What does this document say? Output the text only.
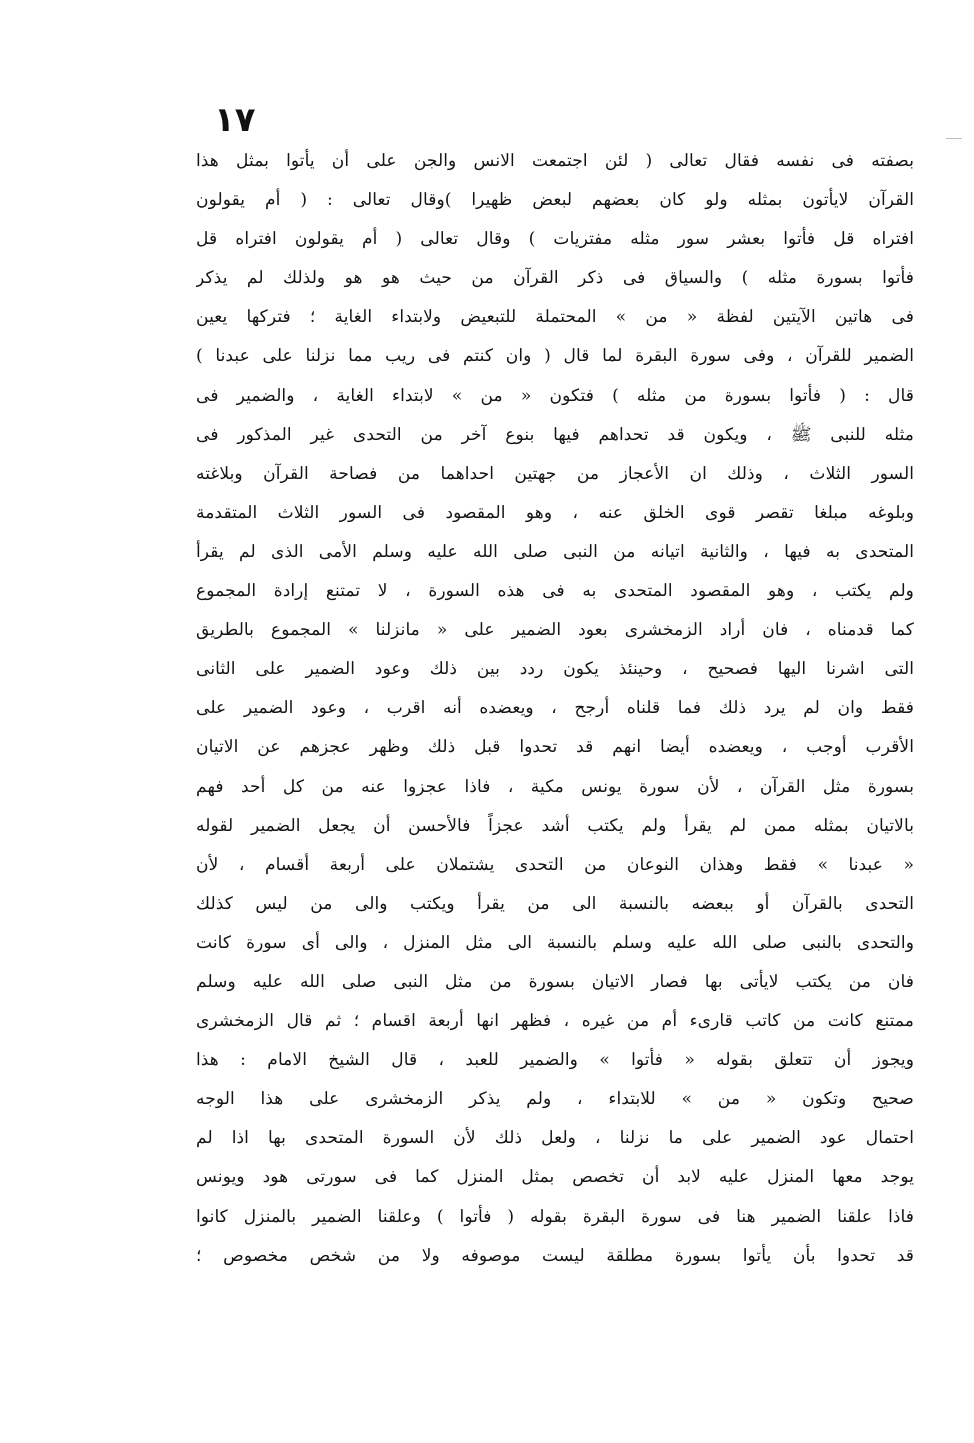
١٧
بصفته فى نفسه فقال تعالى ( لئن اجتمعت الانس والجن على أن يأتوا بمثل هذا
القرآن لايأتون بمثله ولو كان بعضهم لبعض ظهيرا )وقال تعالى : ( أم يقولون
افتراه قل فأتوا بعشر سور مثله مفتريات ) وقال تعالى ( أم يقولون افتراه قل
فأتوا بسورة مثله ) والسياق فى ذكر القرآن من حيث هو هو ولذلك لم يذكر
فى هاتين الآيتين لفظة « من » المحتملة للتبعيض ولابتداء الغاية ؛ فتركها يعين
الضمير للقرآن ، وفى سورة البقرة لما قال ( وان كنتم فى ريب مما نزلنا على عبدنا )
قال : ( فأتوا بسورة من مثله ) فتكون « من » لابتداء الغاية ، والضمير فى
مثله للنبى ﷺ ، ويكون قد تحداهم فيها بنوع آخر من التحدى غير المذكور فى
السور الثلاث ، وذلك ان الأعجاز من جهتين احداهما من فصاحة القرآن وبلاغته
وبلوغه مبلغا تقصر قوى الخلق عنه ، وهو المقصود فى السور الثلاث المتقدمة
المتحدى به فيها ، والثانية اتيانه من النبى صلى الله عليه وسلم الأمى الذى لم يقرأ
ولم يكتب ، وهو المقصود المتحدى به فى هذه السورة ، لا تمتنع إرادة المجموع
كما قدمناه ، فان أراد الزمخشرى بعود الضمير على « مانزلنا » المجموع بالطريق
التى اشرنا اليها فصحيح ، وحينئذ يكون ردد بين ذلك وعود الضمير على الثانى
فقط وان لم يرد ذلك فما قلناه أرجح ، ويعضده أنه اقرب ، وعود الضمير على
الأقرب أوجب ، ويعضده أيضا انهم قد تحدوا قبل ذلك وظهر عجزهم عن الاتيان
بسورة مثل القرآن ، لأن سورة يونس مكية ، فاذا عجزوا عنه من كل أحد فهم
بالاتيان بمثله ممن لم يقرأ ولم يكتب أشد عجزاً فالأحسن أن يجعل الضمير لقوله
« عبدنا » فقط وهذان النوعان من التحدى يشتملان على أربعة أقسام ، لأن
التحدى بالقرآن أو ببعضه بالنسبة الى من يقرأ ويكتب والى من ليس كذلك
والتحدى بالنبى صلى الله عليه وسلم بالنسبة الى مثل المنزل ، والى أى سورة كانت
فان من يكتب لايأتى بها فصار الاتيان بسورة من مثل النبى صلى الله عليه وسلم
ممتنع كانت من كاتب قارىء أم من غيره ، فظهر انها أربعة اقسام ؛ ثم قال الزمخشرى
ويجوز أن تتعلق بقوله « فأتوا » والضمير للعبد ، قال الشيخ الامام : هذا
صحيح وتكون « من » للابتداء ، ولم يذكر الزمخشرى على هذا الوجه
احتمال عود الضمير على ما نزلنا ، ولعل ذلك لأن السورة المتحدى بها اذا لم
يوجد معها المنزل عليه لابد أن تخصص بمثل المنزل كما فى سورتى هود ويونس
فاذا علقنا الضمير هنا فى سورة البقرة بقوله ( فأتوا ) وعلقنا الضمير بالمنزل كانوا
قد تحدوا بأن يأتوا بسورة مطلقة ليست موصوفه ولا من شخص مخصوص ؛
